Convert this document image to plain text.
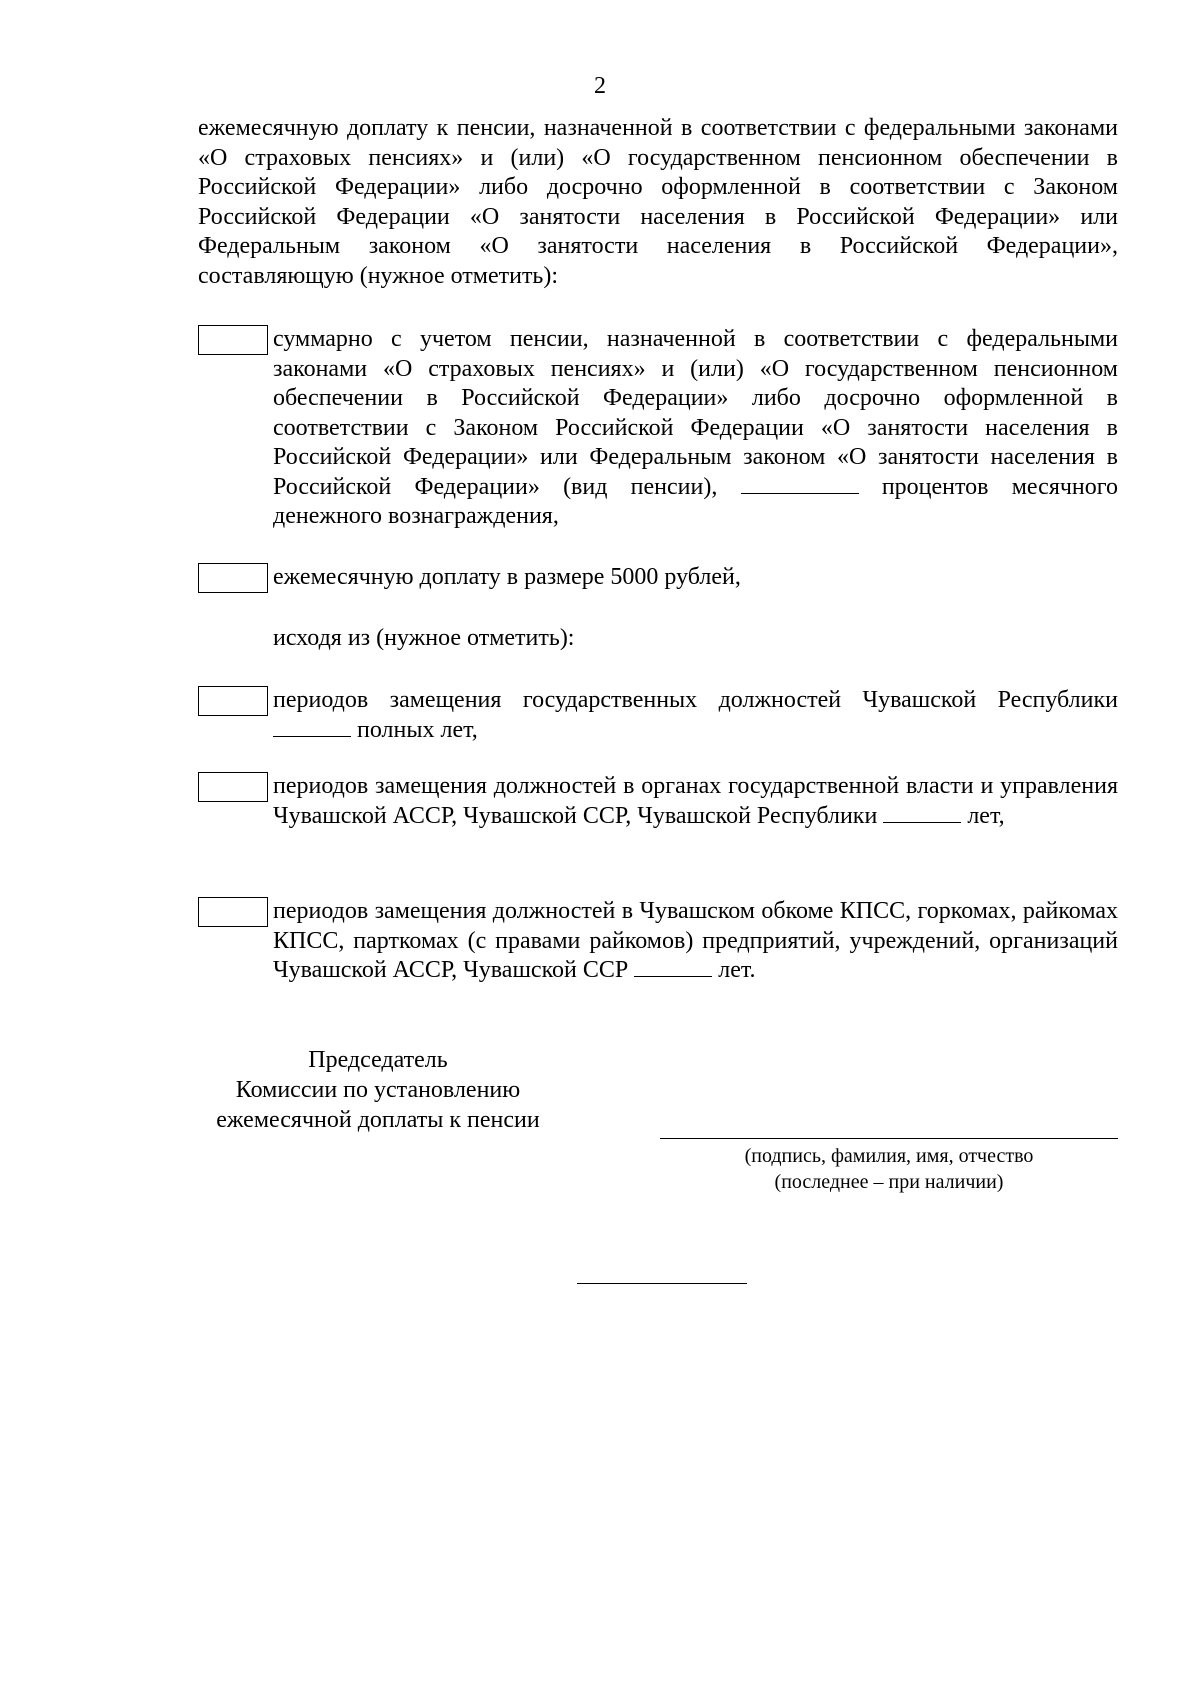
2

ежемесячную доплату к пенсии, назначенной в соответствии с федеральными законами «О страховых пенсиях» и (или) «О государственном пенсионном обеспечении в Российской Федерации» либо досрочно оформленной в соответствии с Законом Российской Федерации «О занятости населения в Российской Федерации» или Федеральным законом «О занятости населения в Российской Федерации», составляющую (нужное отметить):

суммарно с учетом пенсии, назначенной в соответствии с федеральными законами «О страховых пенсиях» и (или) «О государственном пенсионном обеспечении в Российской Федерации» либо досрочно оформленной в соответствии с Законом Российской Федерации «О занятости населения в Российской Федерации» или Федеральным законом «О занятости населения в Российской Федерации» (вид пенсии),	процентов месячного денежного вознаграждения,

ежемесячную доплату в размере 5000 рублей,

исходя из (нужное отметить):

периодов замещения государственных должностей Чувашской Республики полных лет,

периодов замещения должностей в органах государственной власти и управления Чувашской АССР, Чувашской ССР, Чувашской Республики	лет,

периодов замещения должностей в Чувашском обкоме КПСС, горкомах, райкомах КПСС, парткомах (с правами райкомов) предприятий, учреждений, организаций Чувашской АССР, Чувашской ССР	лет.

Председатель
Комиссии по установлению
ежемесячной доплаты к пенсии
(подпись, фамилия, имя, отчество
(последнее – при наличии)
